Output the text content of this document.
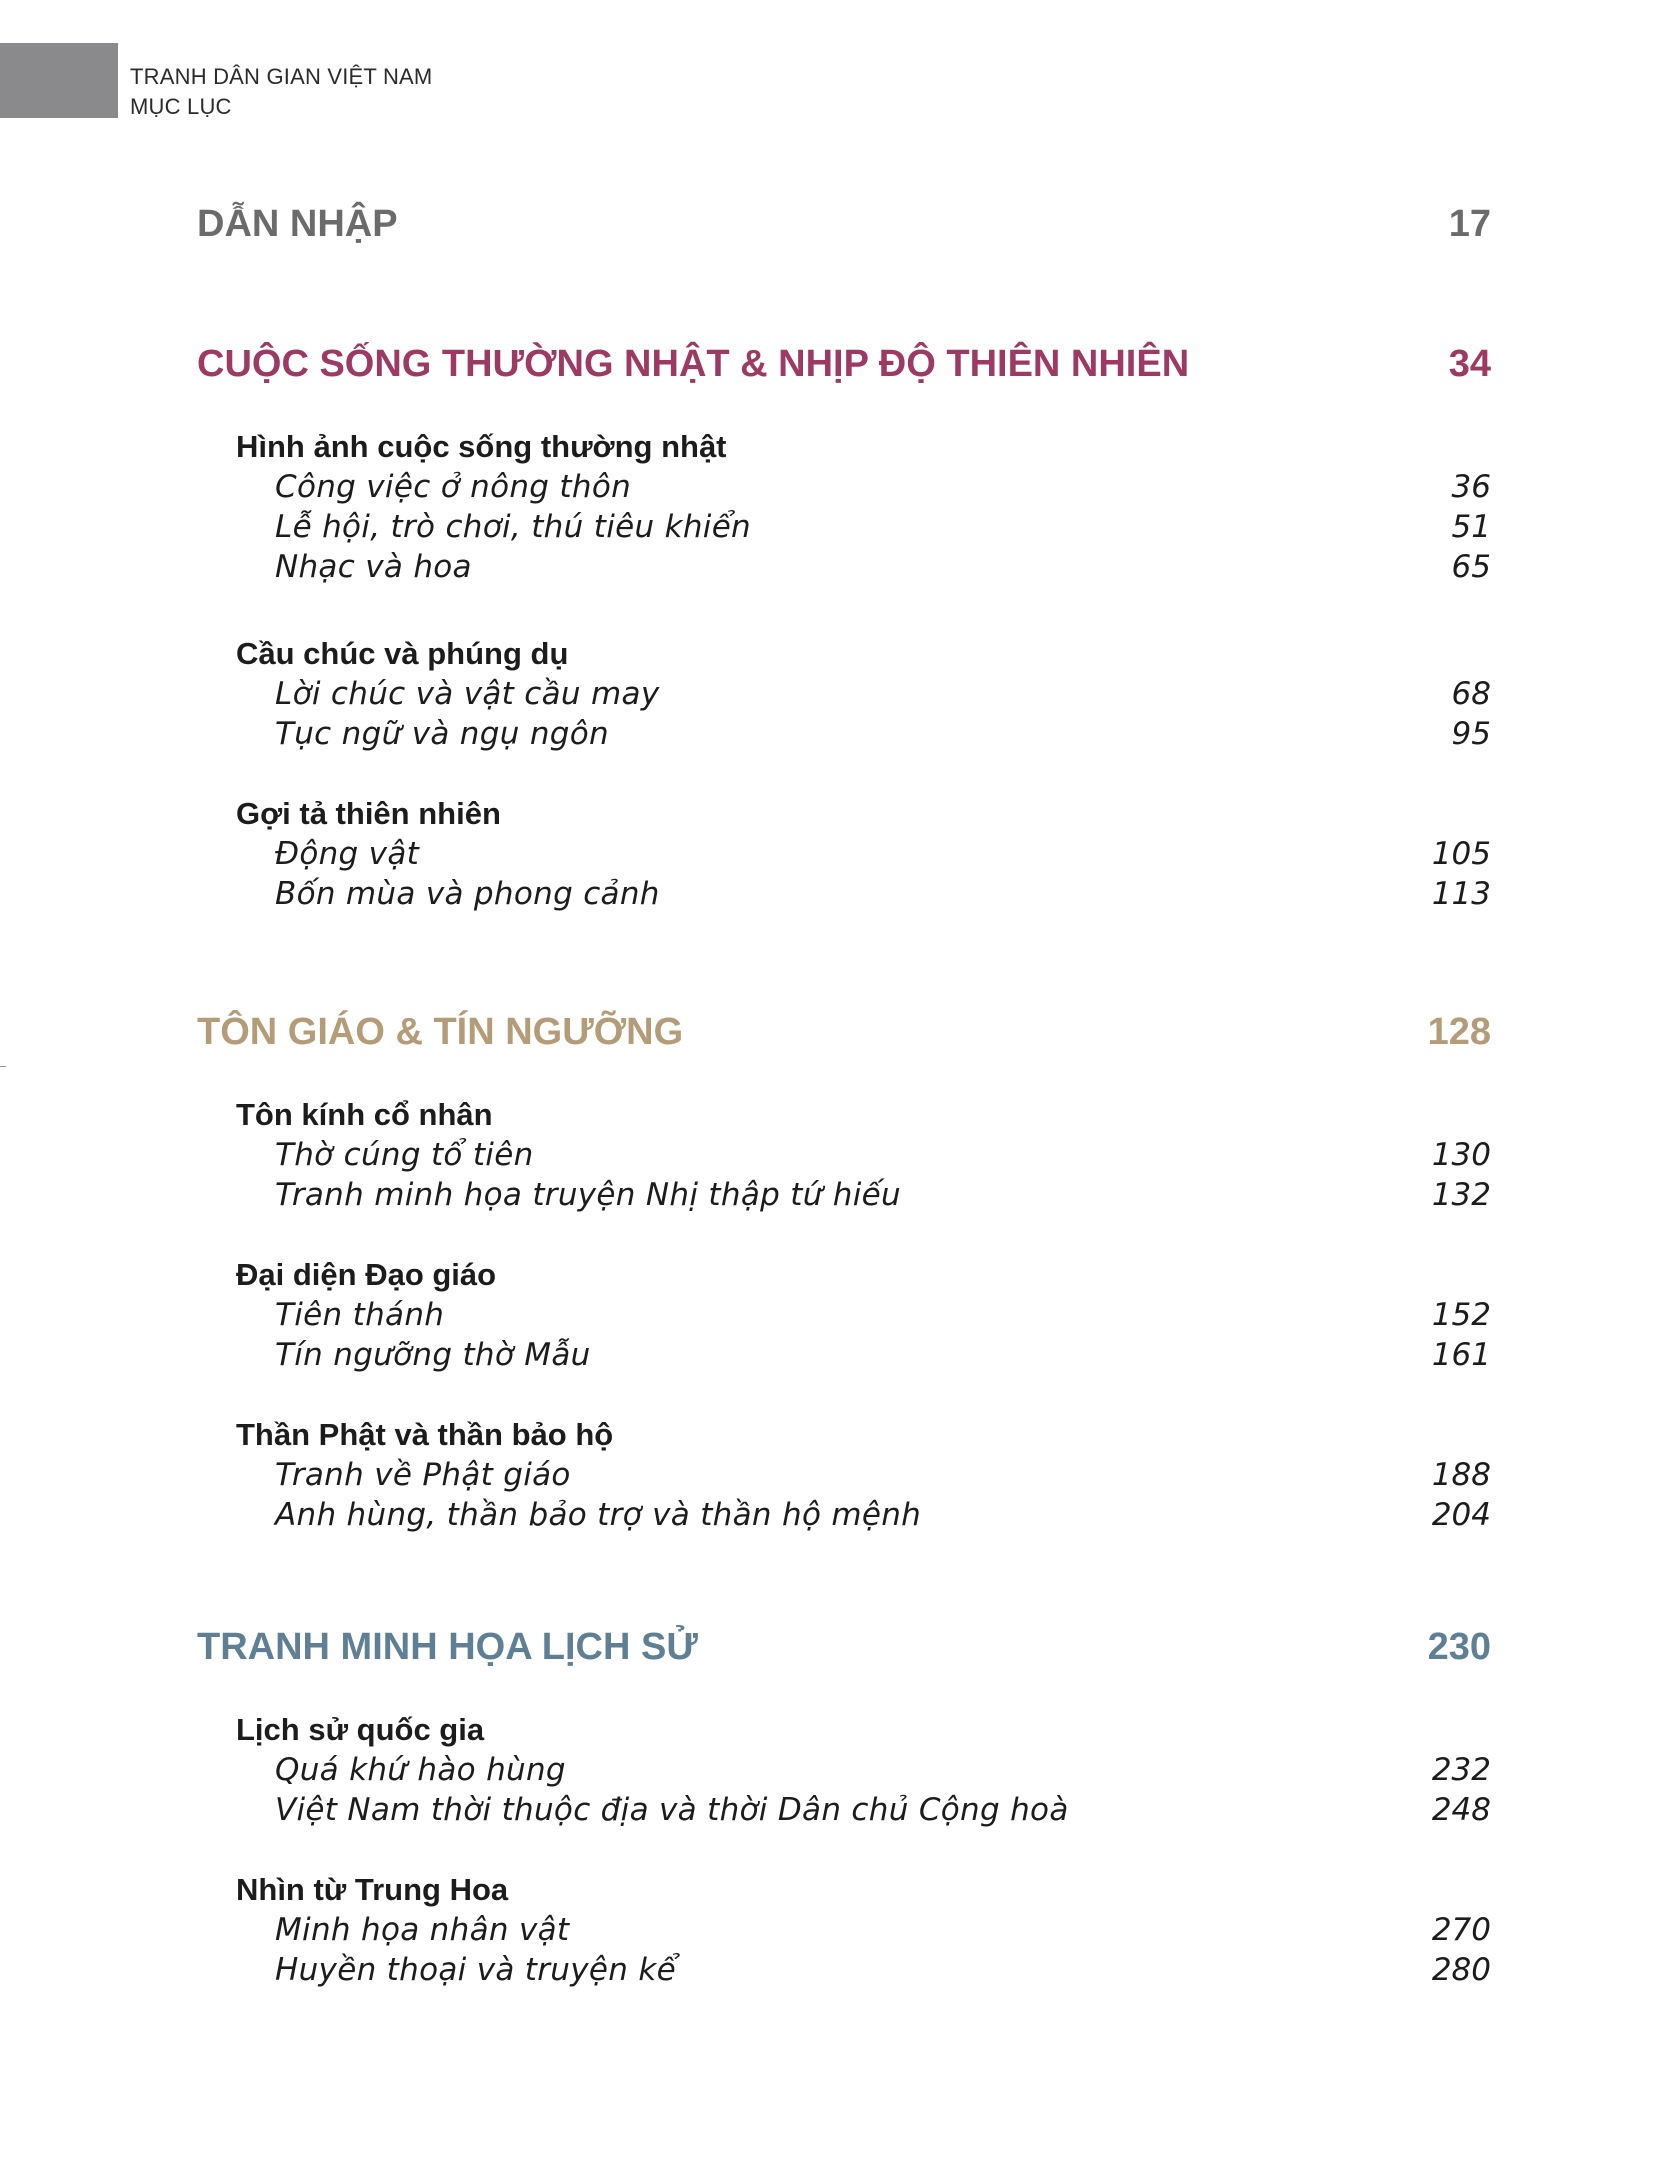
TRANH DÂN GIAN VIỆT NAM
MỤC LỤC
DẪN NHẬP	17
CUỘC SỐNG THƯỜNG NHẬT & NHỊP ĐỘ THIÊN NHIÊN	34
Hình ảnh cuộc sống thường nhật
Công việc ở nông thôn	36
Lễ hội, trò chơi, thú tiêu khiển	51
Nhạc và hoa	65
Cầu chúc và phúng dụ
Lời chúc và vật cầu may	68
Tục ngữ và ngụ ngôn	95
Gợi tả thiên nhiên
Động vật	105
Bốn mùa và phong cảnh	113
TÔN GIÁO & TÍN NGƯỠNG	128
Tôn kính cổ nhân
Thờ cúng tổ tiên	130
Tranh minh họa truyện Nhị thập tứ hiếu	132
Đại diện Đạo giáo
Tiên thánh	152
Tín ngưỡng thờ Mẫu	161
Thần Phật và thần bảo hộ
Tranh về Phật giáo	188
Anh hùng, thần bảo trợ và thần hộ mệnh	204
TRANH MINH HỌA LỊCH SỬ	230
Lịch sử quốc gia
Quá khứ hào hùng	232
Việt Nam thời thuộc địa và thời Dân chủ Cộng hoà	248
Nhìn từ Trung Hoa
Minh họa nhân vật	270
Huyền thoại và truyện kể	280
